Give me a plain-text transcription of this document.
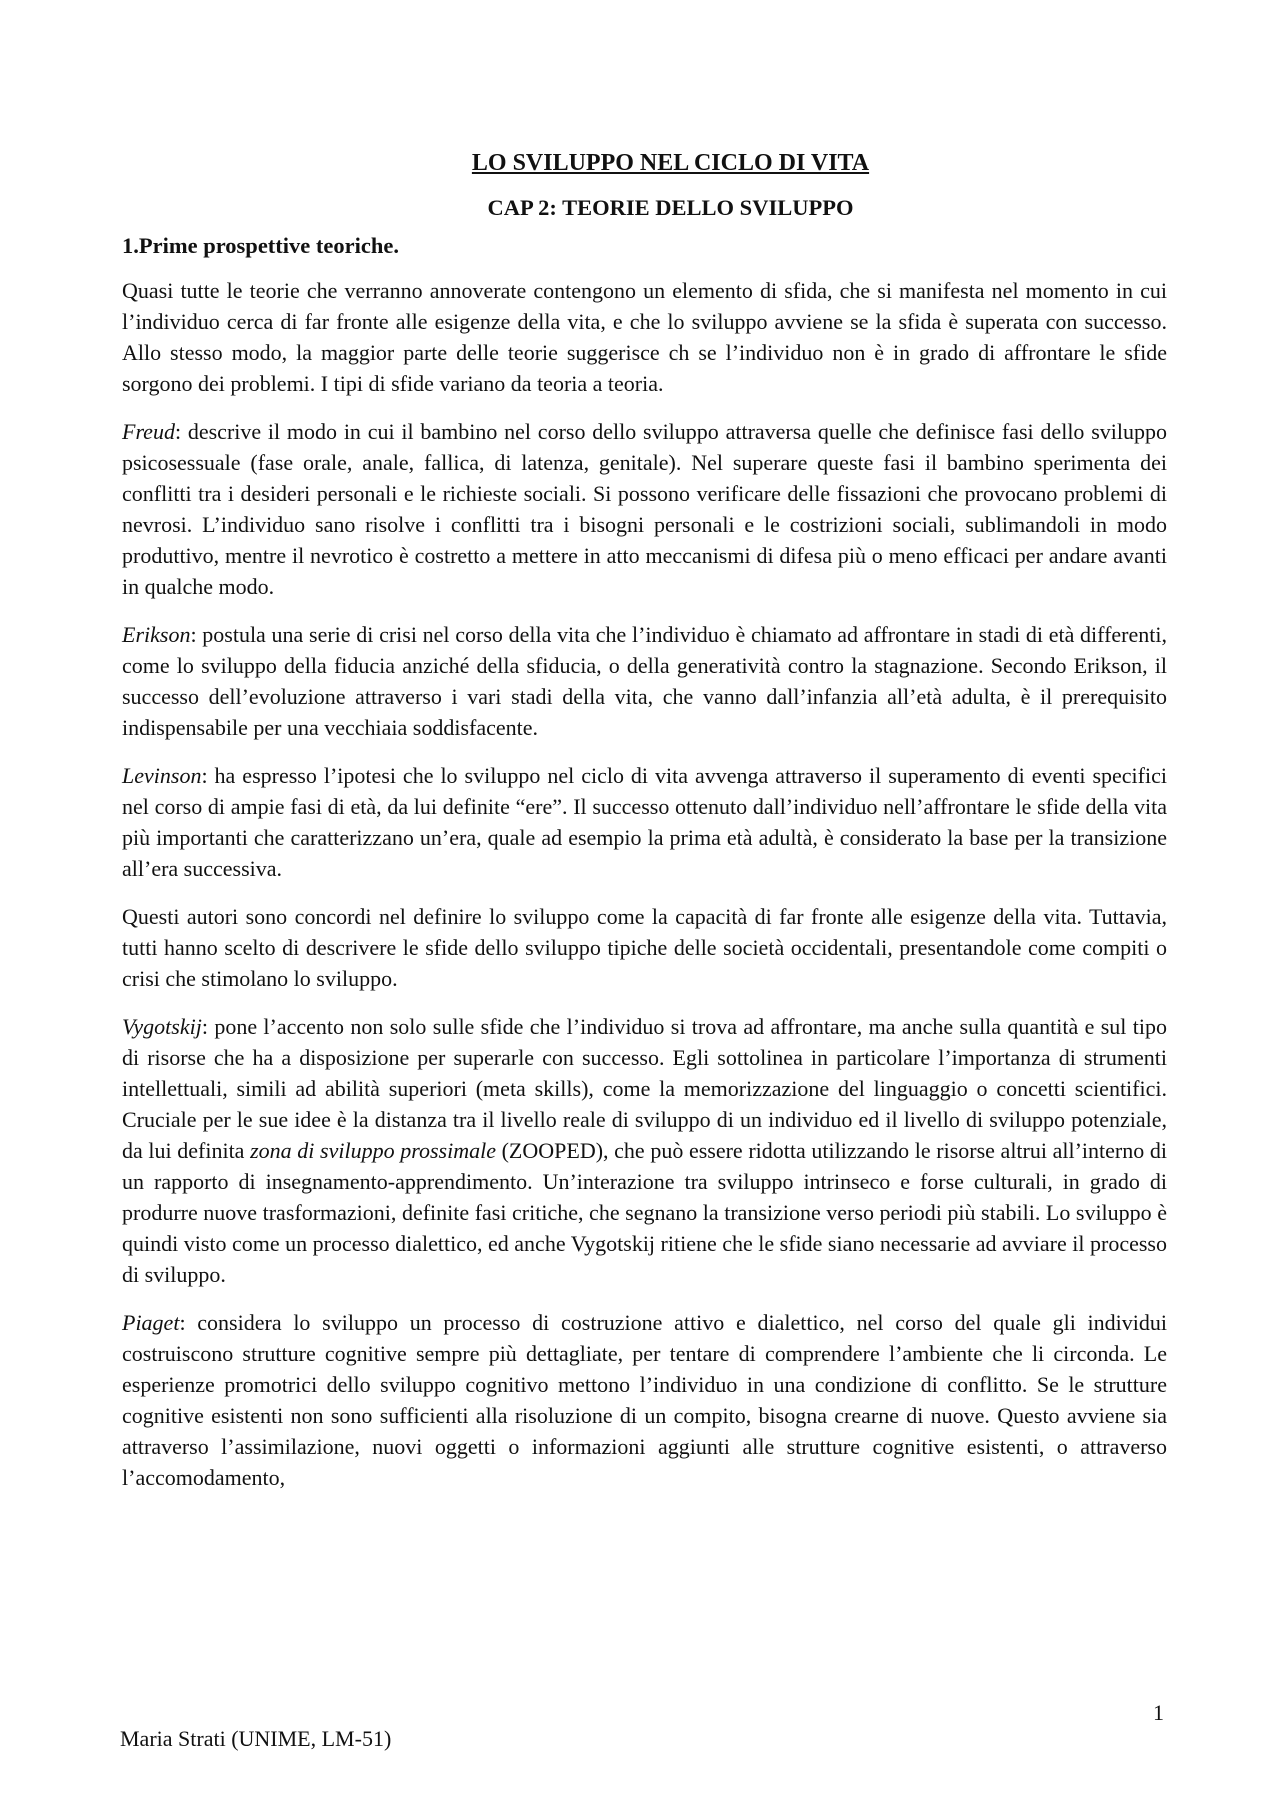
LO SVILUPPO NEL CICLO DI VITA
CAP 2: TEORIE DELLO SVILUPPO
1.Prime prospettive teoriche.

Quasi tutte le teorie che verranno annoverate contengono un elemento di sfida, che si manifesta nel momento in cui l’individuo cerca di far fronte alle esigenze della vita, e che lo sviluppo avviene se la sfida è superata con successo. Allo stesso modo, la maggior parte delle teorie suggerisce ch se l’individuo non è in grado di affrontare le sfide sorgono dei problemi. I tipi di sfide variano da teoria a teoria.

Freud: descrive il modo in cui il bambino nel corso dello sviluppo attraversa quelle che definisce fasi dello sviluppo psicosessuale (fase orale, anale, fallica, di latenza, genitale). Nel superare queste fasi il bambino sperimenta dei conflitti tra i desideri personali e le richieste sociali. Si possono verificare delle fissazioni che provocano problemi di nevrosi. L’individuo sano risolve i conflitti tra i bisogni personali e le costrizioni sociali, sublimandoli in modo produttivo, mentre il nevrotico è costretto a mettere in atto meccanismi di difesa più o meno efficaci per andare avanti in qualche modo.

Erikson: postula una serie di crisi nel corso della vita che l’individuo è chiamato ad affrontare in stadi di età differenti, come lo sviluppo della fiducia anziché della sfiducia, o della generatività contro la stagnazione. Secondo Erikson, il successo dell’evoluzione attraverso i vari stadi della vita, che vanno dall’infanzia all’età adulta, è il prerequisito indispensabile per una vecchiaia soddisfacente.

Levinson: ha espresso l’ipotesi che lo sviluppo nel ciclo di vita avvenga attraverso il superamento di eventi specifici nel corso di ampie fasi di età, da lui definite “ere”. Il successo ottenuto dall’individuo nell’affrontare le sfide della vita più importanti che caratterizzano un’era, quale ad esempio la prima età adultà, è considerato la base per la transizione all’era successiva.

Questi autori sono concordi nel definire lo sviluppo come la capacità di far fronte alle esigenze della vita. Tuttavia, tutti hanno scelto di descrivere le sfide dello sviluppo tipiche delle società occidentali, presentandole come compiti o crisi che stimolano lo sviluppo.

Vygotskij: pone l’accento non solo sulle sfide che l’individuo si trova ad affrontare, ma anche sulla quantità e sul tipo di risorse che ha a disposizione per superarle con successo. Egli sottolinea in particolare l’importanza di strumenti intellettuali, simili ad abilità superiori (meta skills), come la memorizzazione del linguaggio o concetti scientifici. Cruciale per le sue idee è la distanza tra il livello reale di sviluppo di un individuo ed il livello di sviluppo potenziale, da lui definita zona di sviluppo prossimale (ZOOPED), che può essere ridotta utilizzando le risorse altrui all’interno di un rapporto di insegnamento-apprendimento. Un’interazione tra sviluppo intrinseco e forse culturali, in grado di produrre nuove trasformazioni, definite fasi critiche, che segnano la transizione verso periodi più stabili. Lo sviluppo è quindi visto come un processo dialettico, ed anche Vygotskij ritiene che le sfide siano necessarie ad avviare il processo di sviluppo.

Piaget: considera lo sviluppo un processo di costruzione attivo e dialettico, nel corso del quale gli individui costruiscono strutture cognitive sempre più dettagliate, per tentare di comprendere l’ambiente che li circonda. Le esperienze promotrici dello sviluppo cognitivo mettono l’individuo in una condizione di conflitto. Se le strutture cognitive esistenti non sono sufficienti alla risoluzione di un compito, bisogna crearne di nuove. Questo avviene sia attraverso l’assimilazione, nuovi oggetti o informazioni aggiunti alle strutture cognitive esistenti, o attraverso l’accomodamento,

1
Maria Strati (UNIME, LM-51)
